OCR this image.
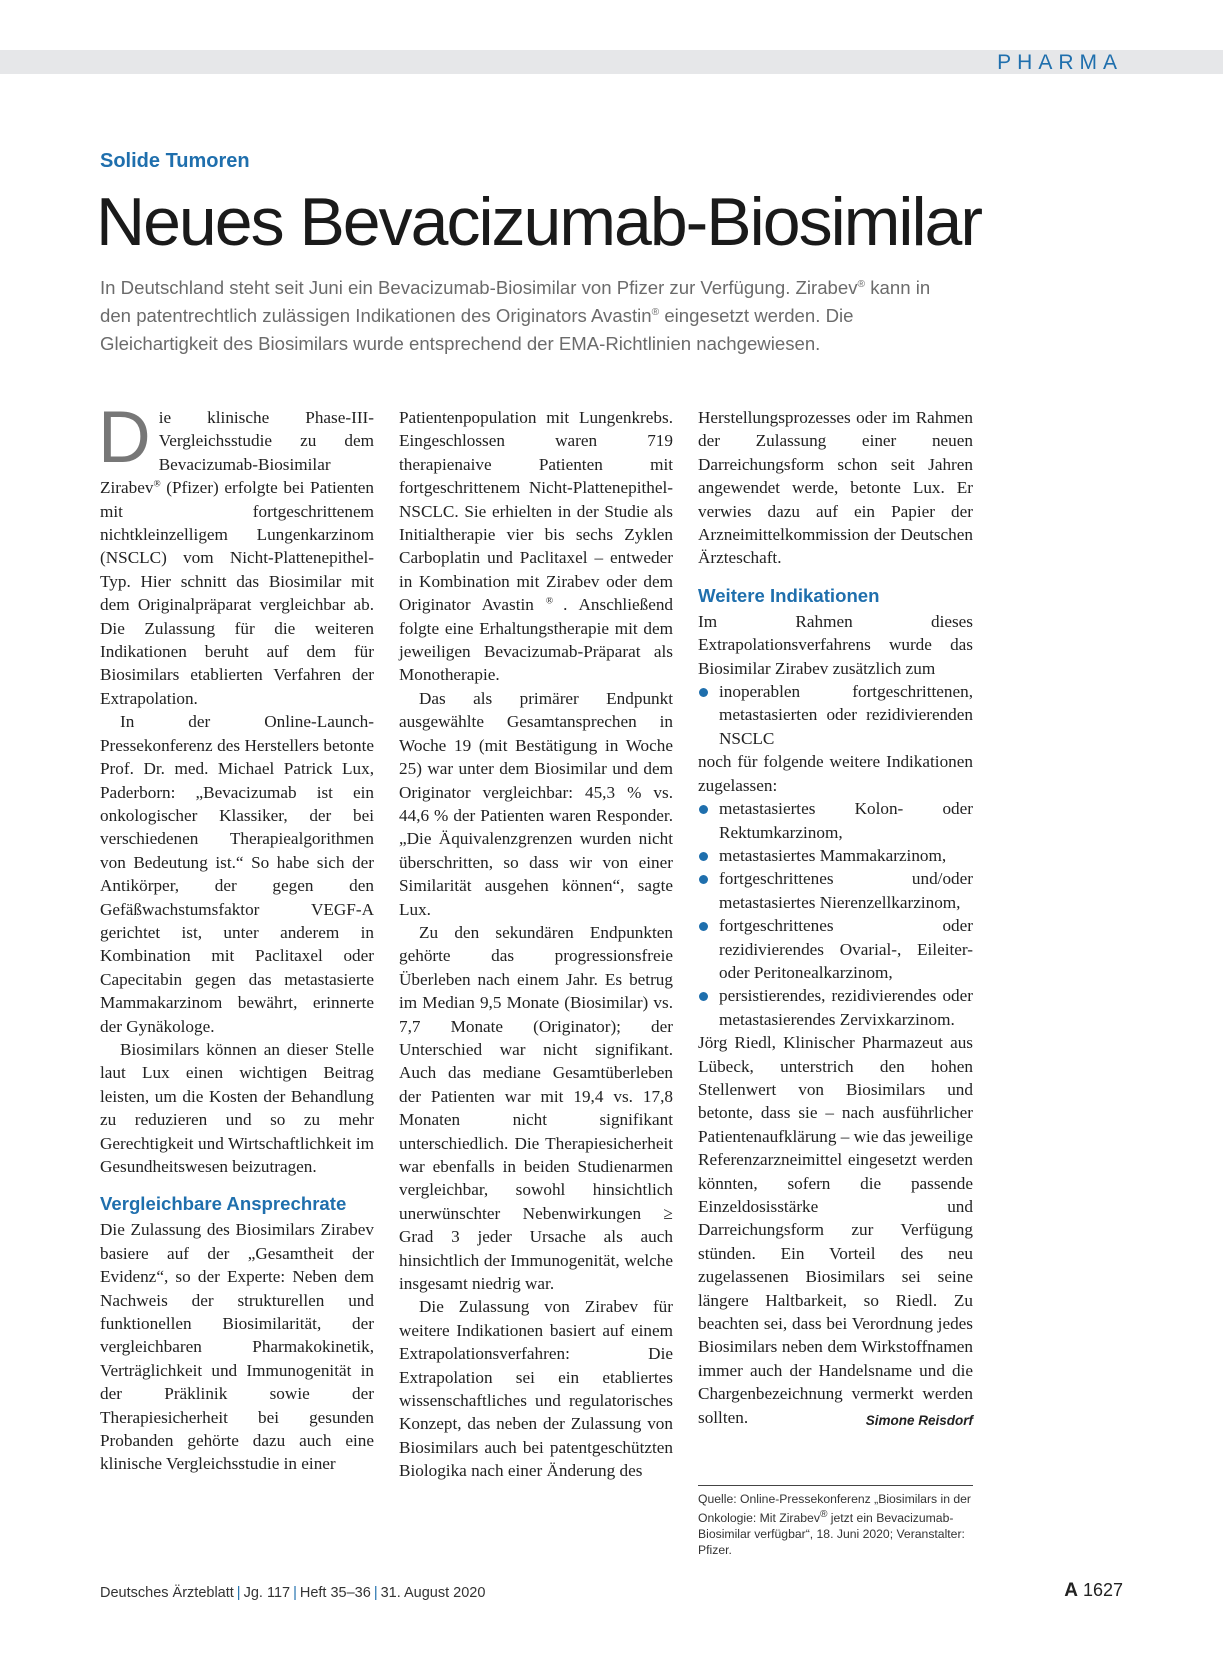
PHARMA
Solide Tumoren
Neues Bevacizumab-Biosimilar
In Deutschland steht seit Juni ein Bevacizumab-Biosimilar von Pfizer zur Verfügung. Zirabev® kann in den patentrechtlich zulässigen Indikationen des Originators Avastin® eingesetzt werden. Die Gleichartigkeit des Biosimilars wurde entsprechend der EMA-Richtlinien nachgewiesen.

Die klinische Phase-III-Vergleichsstudie zu dem Bevacizumab-Biosimilar Zirabev® (Pfizer) erfolgte bei Patienten mit fortgeschrittenem nichtkleinzelligem Lungenkarzinom (NSCLC) vom Nicht-Plattenepithel-Typ. Hier schnitt das Biosimilar mit dem Originalpräparat vergleichbar ab. Die Zulassung für die weiteren Indikationen beruht auf dem für Biosimilars etablierten Verfahren der Extrapolation.

In der Online-Launch-Pressekonferenz des Herstellers betonte Prof. Dr. med. Michael Patrick Lux, Paderborn: „Bevacizumab ist ein onkologischer Klassiker, der bei verschiedenen Therapiealgorithmen von Bedeutung ist.“ So habe sich der Antikörper, der gegen den Gefäßwachstumsfaktor VEGF-A gerichtet ist, unter anderem in Kombination mit Paclitaxel oder Capecitabin gegen das metastasierte Mammakarzinom bewährt, erinnerte der Gynäkologe.

Biosimilars können an dieser Stelle laut Lux einen wichtigen Beitrag leisten, um die Kosten der Behandlung zu reduzieren und so zu mehr Gerechtigkeit und Wirtschaftlichkeit im Gesundheitswesen beizutragen.

Vergleichbare Ansprechrate

Die Zulassung des Biosimilars Zirabev basiere auf der „Gesamtheit der Evidenz“, so der Experte: Neben dem Nachweis der strukturellen und funktionellen Biosimilarität, der vergleichbaren Pharmakokinetik, Verträglichkeit und Immunogenität in der Präklinik sowie der Therapiesicherheit bei gesunden Probanden gehörte dazu auch eine klinische Vergleichsstudie in einer

Patientenpopulation mit Lungenkrebs. Eingeschlossen waren 719 therapienaive Patienten mit fortgeschrittenem Nicht-Plattenepithel-NSCLC. Sie erhielten in der Studie als Initialtherapie vier bis sechs Zyklen Carboplatin und Paclitaxel – entweder in Kombination mit Zirabev oder dem Originator Avastin ® . Anschließend folgte eine Erhaltungstherapie mit dem jeweiligen Bevacizumab-Präparat als Monotherapie.

Das als primärer Endpunkt ausgewählte Gesamtansprechen in Woche 19 (mit Bestätigung in Woche 25) war unter dem Biosimilar und dem Originator vergleichbar: 45,3 % vs. 44,6 % der Patienten waren Responder. „Die Äquivalenzgrenzen wurden nicht überschritten, so dass wir von einer Similarität ausgehen können“, sagte Lux.

Zu den sekundären Endpunkten gehörte das progressionsfreie Überleben nach einem Jahr. Es betrug im Median 9,5 Monate (Biosimilar) vs. 7,7 Monate (Originator); der Unterschied war nicht signifikant. Auch das mediane Gesamtüberleben der Patienten war mit 19,4 vs. 17,8 Monaten nicht signifikant unterschiedlich. Die Therapiesicherheit war ebenfalls in beiden Studienarmen vergleichbar, sowohl hinsichtlich unerwünschter Nebenwirkungen ≥ Grad 3 jeder Ursache als auch hinsichtlich der Immunogenität, welche insgesamt niedrig war.

Die Zulassung von Zirabev für weitere Indikationen basiert auf einem Extrapolationsverfahren: Die Extrapolation sei ein etabliertes wissenschaftliches und regulatorisches Konzept, das neben der Zulassung von Biosimilars auch bei patentgeschützten Biologika nach einer Änderung des

Herstellungsprozesses oder im Rahmen der Zulassung einer neuen Darreichungsform schon seit Jahren angewendet werde, betonte Lux. Er verwies dazu auf ein Papier der Arzneimittelkommission der Deutschen Ärzteschaft.

Weitere Indikationen

Im Rahmen dieses Extrapolationsverfahrens wurde das Biosimilar Zirabev zusätzlich zum

inoperablen fortgeschrittenen, metastasierten oder rezidivierenden NSCLC

noch für folgende weitere Indikationen zugelassen:

metastasiertes Kolon- oder Rektumkarzinom,
metastasiertes Mammakarzinom,
fortgeschrittenes und/oder metastasiertes Nierenzellkarzinom,
fortgeschrittenes oder rezidivierendes Ovarial-, Eileiter- oder Peritonealkarzinom,
persistierendes, rezidivierendes oder metastasierendes Zervixkarzinom.

Jörg Riedl, Klinischer Pharmazeut aus Lübeck, unterstrich den hohen Stellenwert von Biosimilars und betonte, dass sie – nach ausführlicher Patientenaufklärung – wie das jeweilige Referenzarzneimittel eingesetzt werden könnten, sofern die passende Einzeldosisstärke und Darreichungsform zur Verfügung stünden. Ein Vorteil des neu zugelassenen Biosimilars sei seine längere Haltbarkeit, so Riedl. Zu beachten sei, dass bei Verordnung jedes Biosimilars neben dem Wirkstoffnamen immer auch der Handelsname und die Chargenbezeichnung vermerkt werden sollten.	Simone Reisdorf

Quelle: Online-Pressekonferenz „Biosimilars in der Onkologie: Mit Zirabev® jetzt ein Bevacizumab-Biosimilar verfügbar“, 18. Juni 2020; Veranstalter: Pfizer.
Deutsches Ärzteblatt | Jg. 117 | Heft 35–36 | 31. August 2020	A 1627
